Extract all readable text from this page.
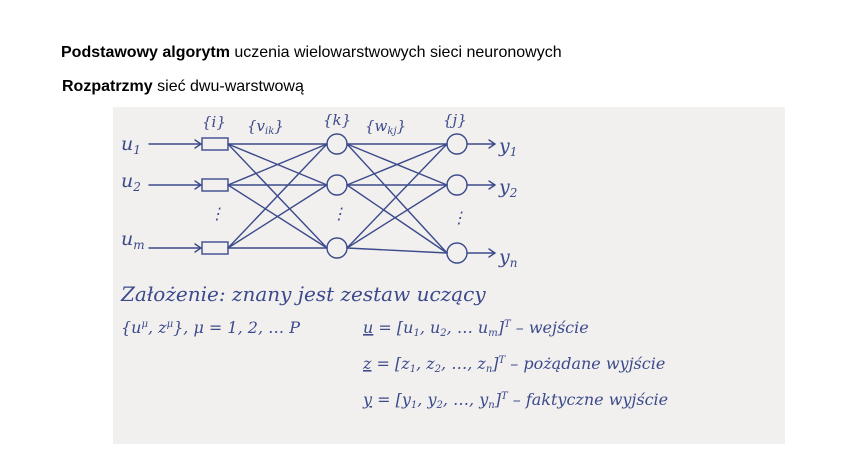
Podstawowy algorytm uczenia wielowarstwowych sieci neuronowych
Rozpatrzmy sieć dwu-warstwową
{i} $\{v_{ik}\}$	{k} $\{w_{kj}\}$ {j}
$u_1$
$u_2$
$u_m$
⋮	⋮	⋮
$y_1$
$y_2$
$y_n$
Założenie: znany jest zestaw uczący
{$u^\mu$, $z^\mu$}, μ = 1, 2, … P	u = [u1, u2, … um]$^T$ – wejście
z = [z1, z2, …, zn]$^T$ – pożądane wyjście
y = [y1, y2, …, yn]$^T$ – faktyczne wyjście
